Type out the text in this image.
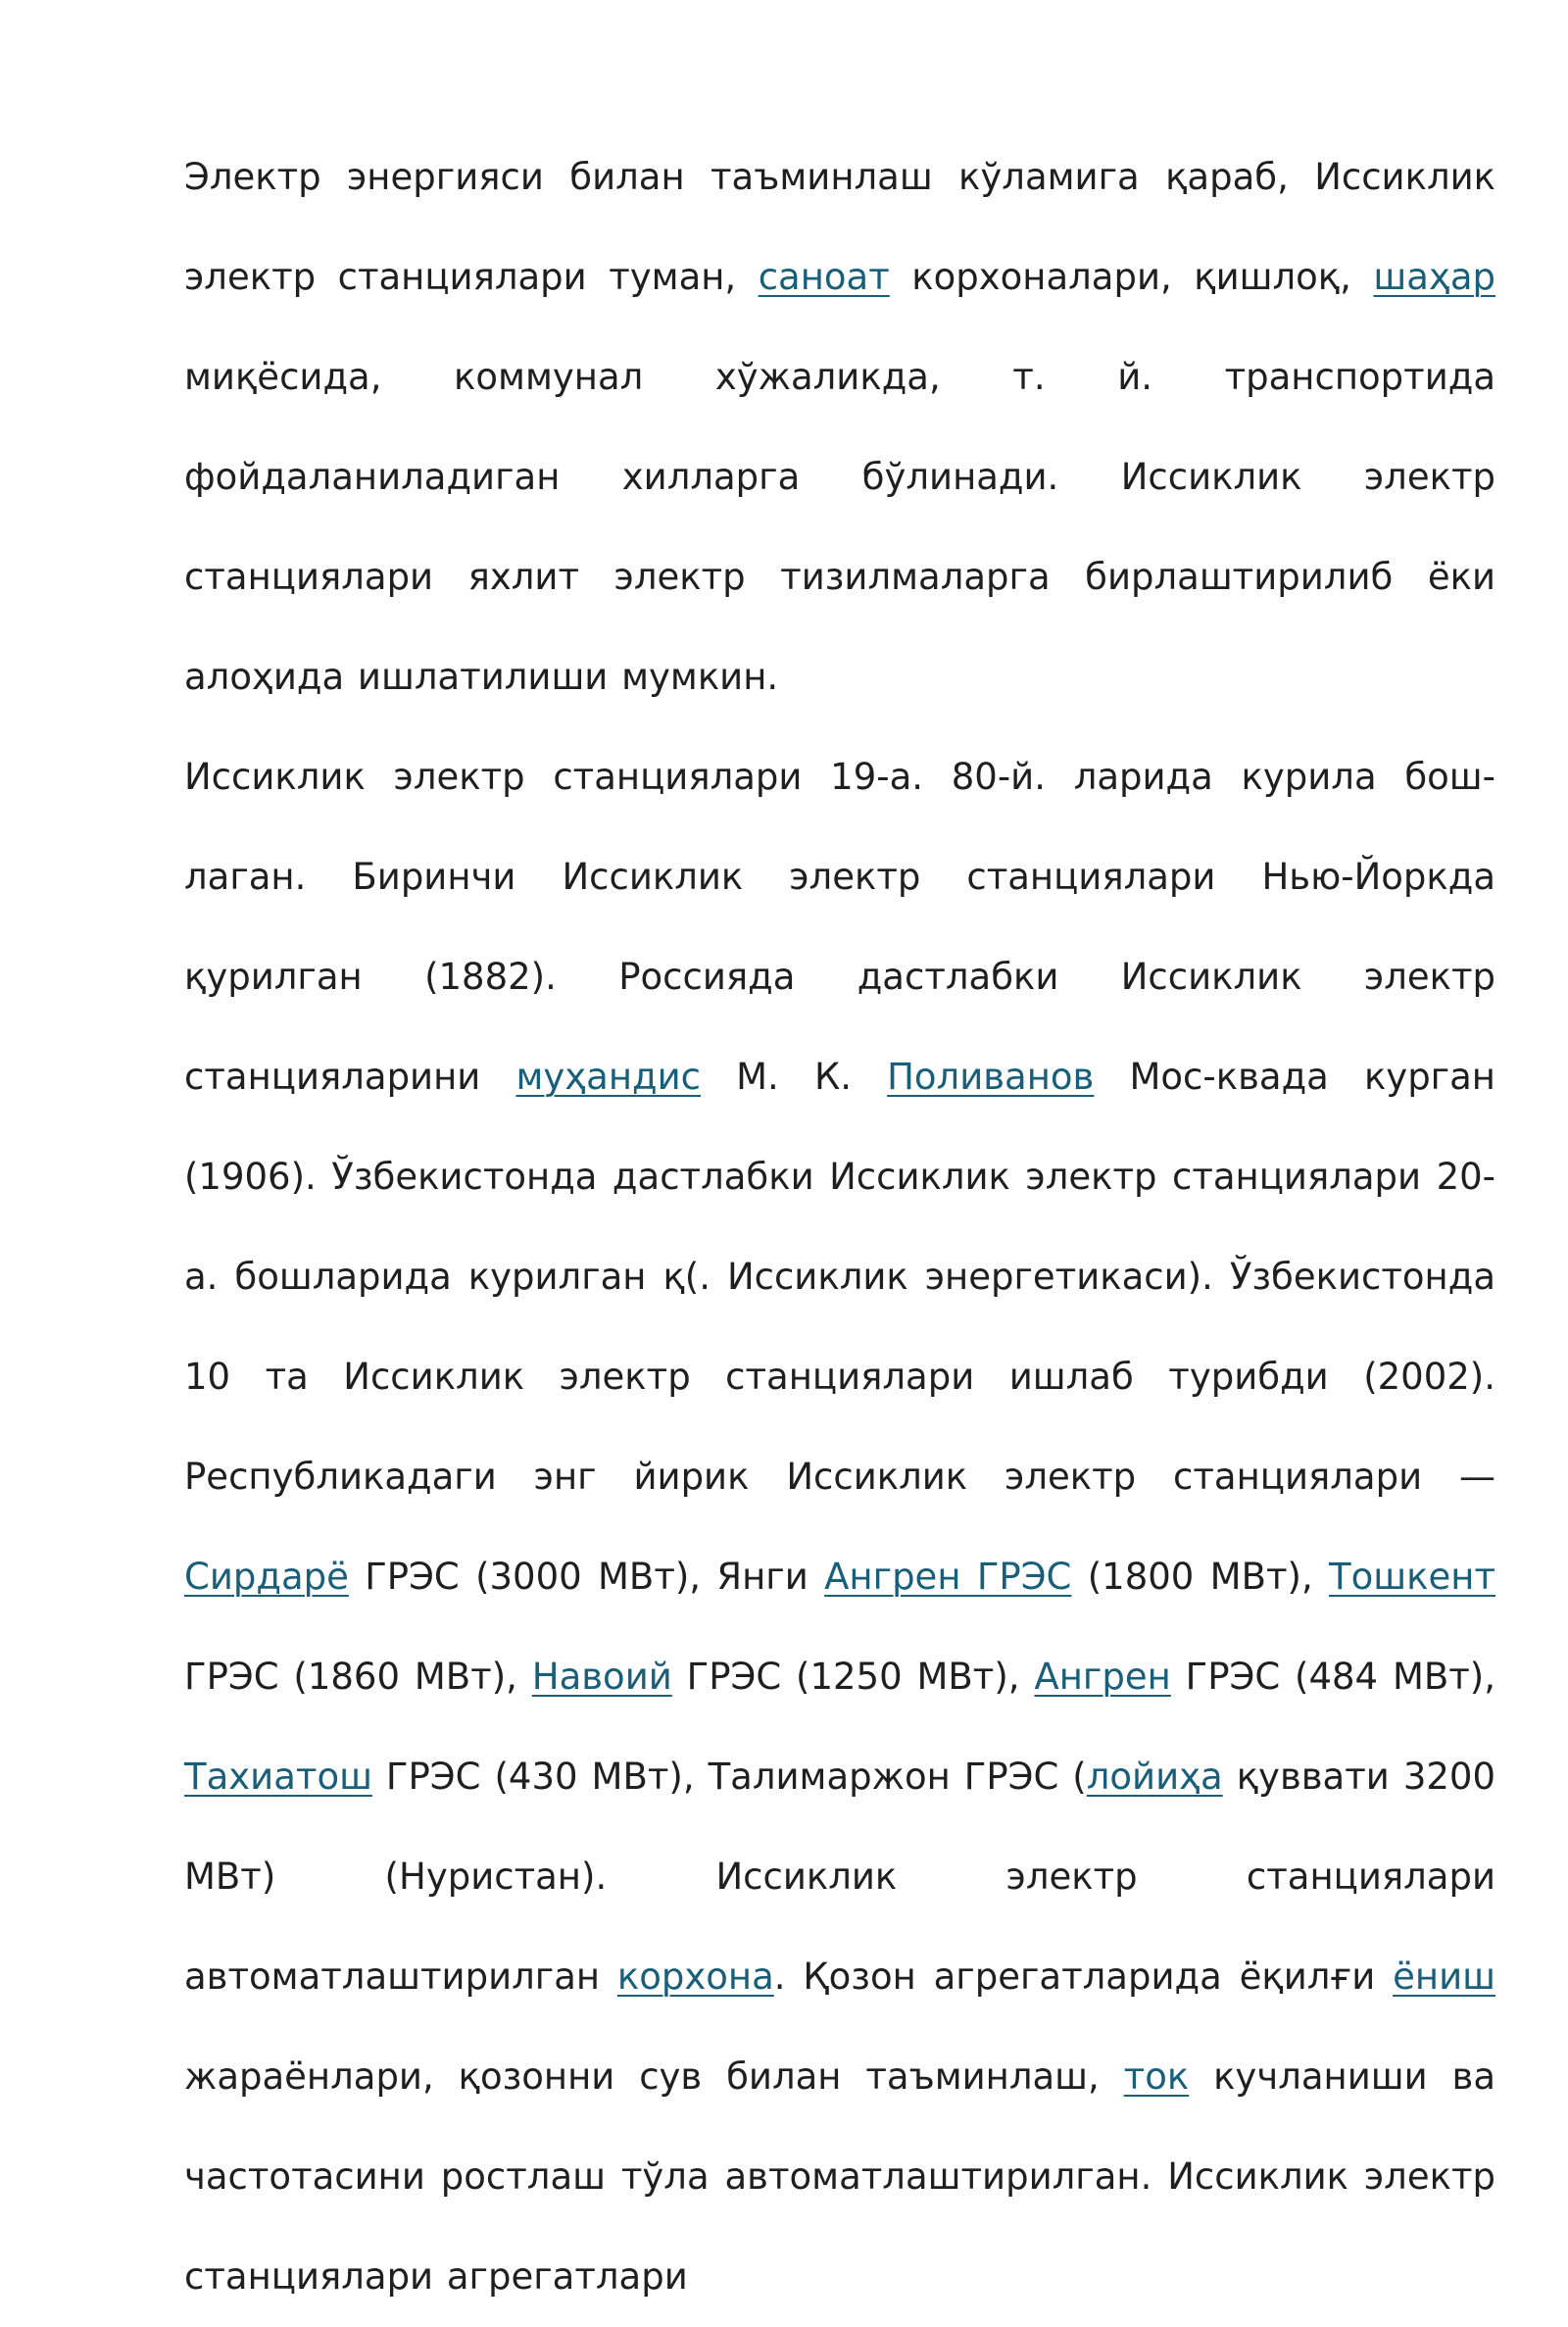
Электр энергияси билан таъминлаш кўламига қараб, Иссиклик электр станциялари туман, саноат корхоналари, қишлоқ, шаҳар миқёсида, коммунал хўжаликда, т. й. транспортида фойдаланиладиган хилларга бўлинади. Иссиклик электр станциялари яхлит электр тизилмаларга бирлаштирилиб ёки алоҳида ишлатилиши мумкин.

Иссиклик электр станциялари 19-а. 80-й. ларида курила бош-лаган. Биринчи Иссиклик электр станциялари Нью-Йоркда қурилган (1882). Россияда дастлабки Иссиклик электр станцияларини муҳандис М. К. Поливанов Мос-квада курган (1906). Ўзбекистонда дастлабки Иссиклик электр станциялари 20-а. бошларида курилган қ(. Иссиклик энергетикаси). Ўзбекистонда 10 та Иссиклик электр станциялари ишлаб турибди (2002). Республикадаги энг йирик Иссиклик электр станциялари — Сирдарё ГРЭС (3000 МВт), Янги Ангрен ГРЭС (1800 МВт), Тошкент ГРЭС (1860 МВт), Навоий ГРЭС (1250 МВт), Ангрен ГРЭС (484 МВт), Тахиатош ГРЭС (430 МВт), Талимаржон ГРЭС (лойиҳа қуввати 3200 МВт) (Нуристан). Иссиклик электр станциялари автоматлаштирилган корхона. Қозон агрегатларида ёқилғи ёниш жараёнлари, қозонни сув билан таъминлаш, ток кучланиши ва частотасини ростлаш тўла автоматлаштирилган. Иссиклик электр станциялари агрегатлари
